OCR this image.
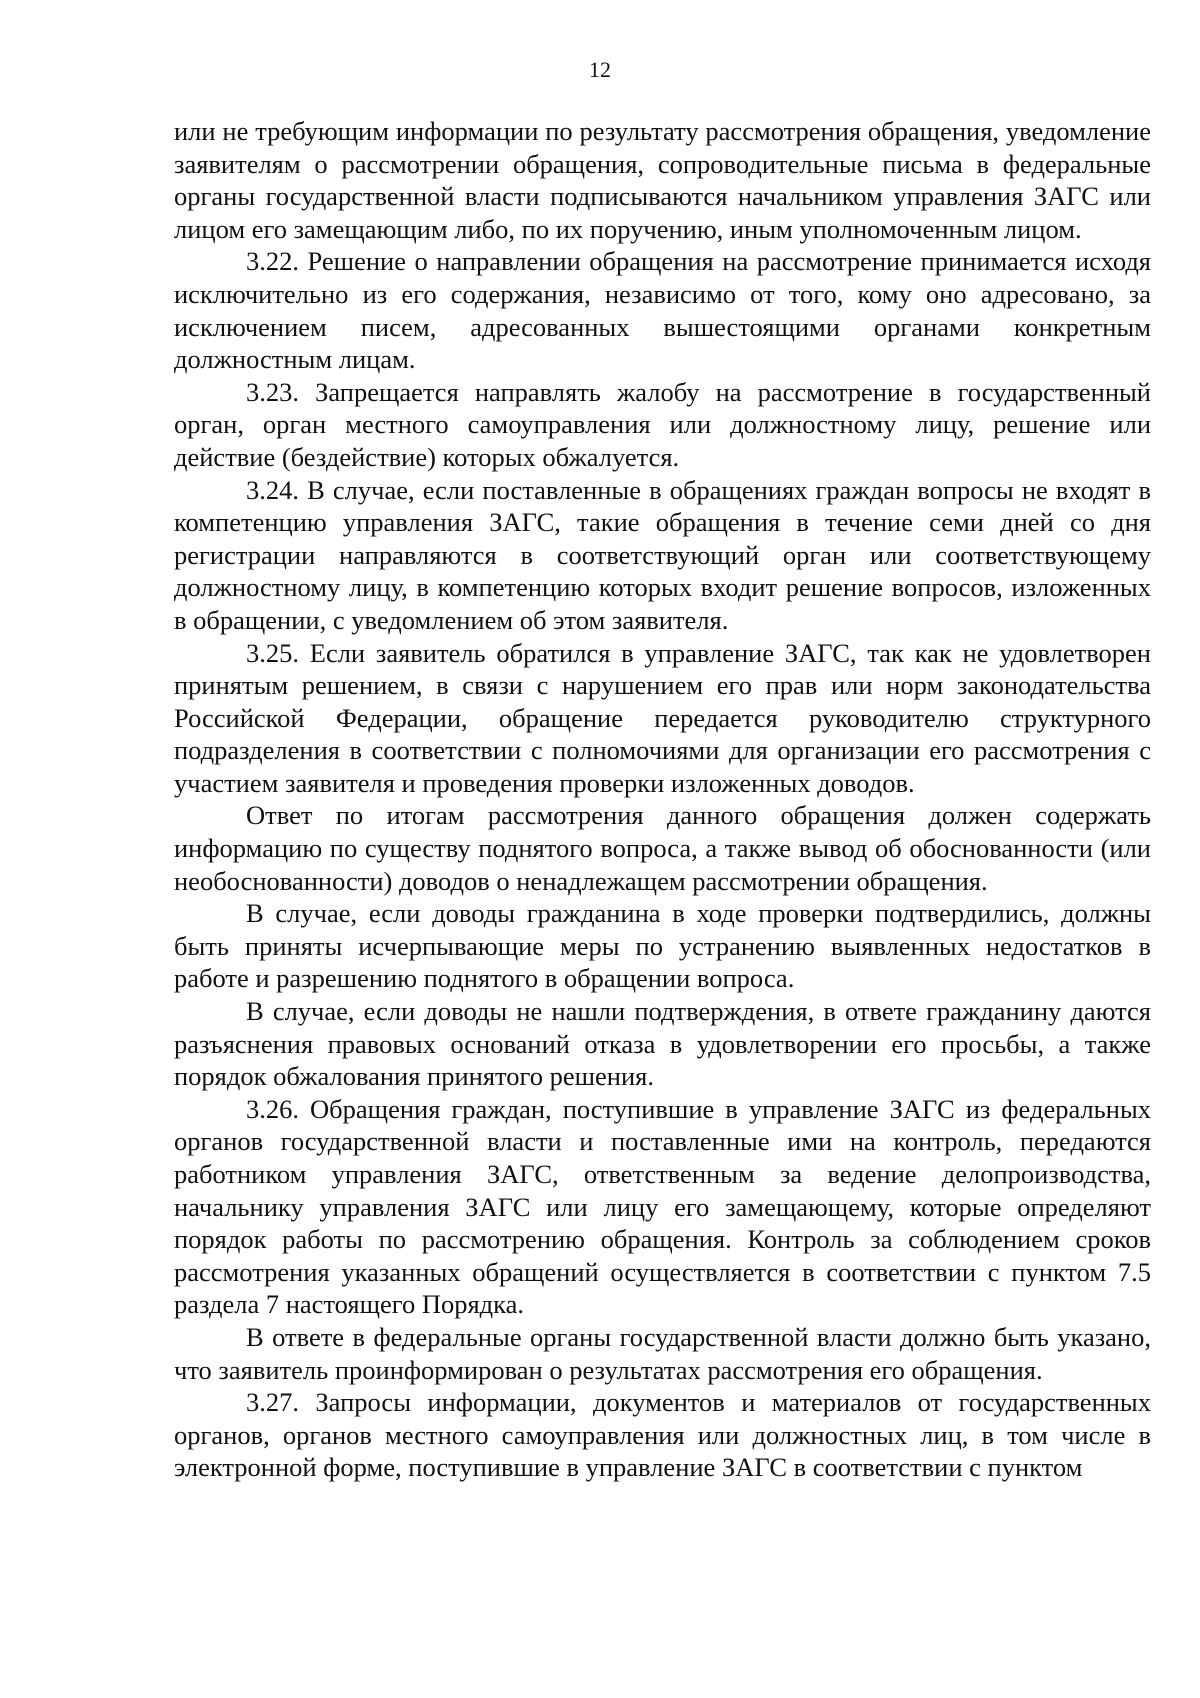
12

или не требующим информации по результату рассмотрения обращения, уведомление заявителям о рассмотрении обращения, сопроводительные письма в федеральные органы государственной власти подписываются начальником управления ЗАГС или лицом его замещающим либо, по их поручению, иным уполномоченным лицом.

3.22. Решение о направлении обращения на рассмотрение принимается исходя исключительно из его содержания, независимо от того, кому оно адресовано, за исключением писем, адресованных вышестоящими органами конкретным должностным лицам.

3.23. Запрещается направлять жалобу на рассмотрение в государственный орган, орган местного самоуправления или должностному лицу, решение или действие (бездействие) которых обжалуется.

3.24. В случае, если поставленные в обращениях граждан вопросы не входят в компетенцию управления ЗАГС, такие обращения в течение семи дней со дня регистрации направляются в соответствующий орган или соответствующему должностному лицу, в компетенцию которых входит решение вопросов, изложенных в обращении, с уведомлением об этом заявителя.

3.25. Если заявитель обратился в управление ЗАГС, так как не удовлетворен принятым решением, в связи с нарушением его прав или норм законодательства Российской Федерации, обращение передается руководителю структурного подразделения в соответствии с полномочиями для организации его рассмотрения с участием заявителя и проведения проверки изложенных доводов.

Ответ по итогам рассмотрения данного обращения должен содержать информацию по существу поднятого вопроса, а также вывод об обоснованности (или необоснованности) доводов о ненадлежащем рассмотрении обращения.

В случае, если доводы гражданина в ходе проверки подтвердились, должны быть приняты исчерпывающие меры по устранению выявленных недостатков в работе и разрешению поднятого в обращении вопроса.

В случае, если доводы не нашли подтверждения, в ответе гражданину даются разъяснения правовых оснований отказа в удовлетворении его просьбы, а также порядок обжалования принятого решения.

3.26. Обращения граждан, поступившие в управление ЗАГС из федеральных органов государственной власти и поставленные ими на контроль, передаются работником управления ЗАГС, ответственным за ведение делопроизводства, начальнику управления ЗАГС или лицу его замещающему, которые определяют порядок работы по рассмотрению обращения. Контроль за соблюдением сроков рассмотрения указанных обращений осуществляется в соответствии с пунктом 7.5 раздела 7 настоящего Порядка.

В ответе в федеральные органы государственной власти должно быть указано, что заявитель проинформирован о результатах рассмотрения его обращения.

3.27. Запросы информации, документов и материалов от государственных органов, органов местного самоуправления или должностных лиц, в том числе в электронной форме, поступившие в управление ЗАГС в соответствии с пунктом
